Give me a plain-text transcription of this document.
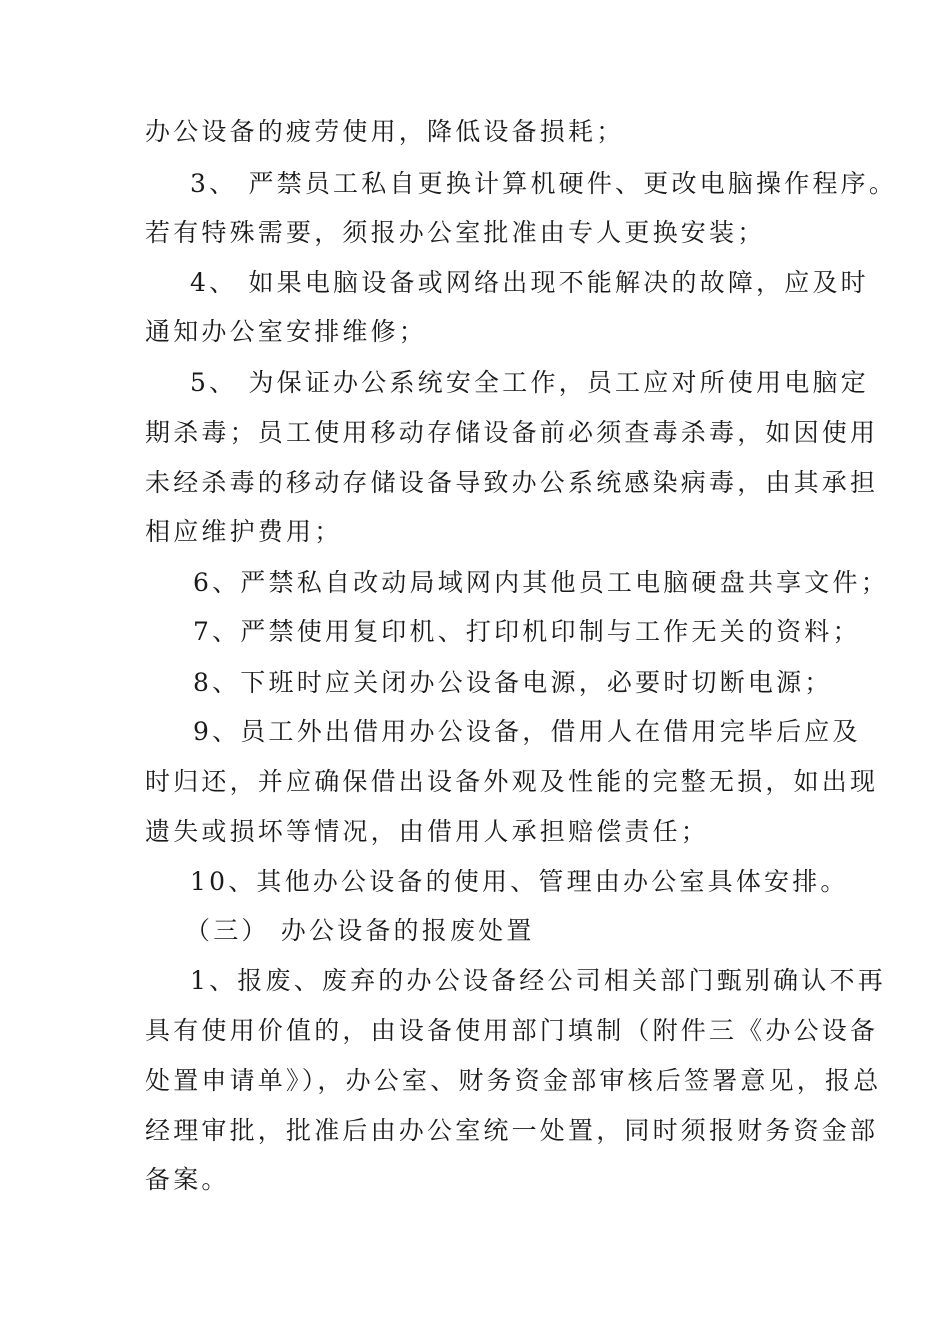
办公设备的疲劳使用，降低设备损耗；
3、 严禁员工私自更换计算机硬件、更改电脑操作程序。
若有特殊需要，须报办公室批准由专人更换安装；
4、 如果电脑设备或网络出现不能解决的故障，应及时
通知办公室安排维修；
5、 为保证办公系统安全工作，员工应对所使用电脑定
期杀毒；员工使用移动存储设备前必须查毒杀毒，如因使用
未经杀毒的移动存储设备导致办公系统感染病毒，由其承担
相应维护费用；
6、严禁私自改动局域网内其他员工电脑硬盘共享文件；
7、严禁使用复印机、打印机印制与工作无关的资料；
8、下班时应关闭办公设备电源，必要时切断电源；
9、员工外出借用办公设备，借用人在借用完毕后应及
时归还，并应确保借出设备外观及性能的完整无损，如出现
遗失或损坏等情况，由借用人承担赔偿责任；
10、其他办公设备的使用、管理由办公室具体安排。
（三） 办公设备的报废处置
1、报废、废弃的办公设备经公司相关部门甄别确认不再
具有使用价值的，由设备使用部门填制（附件三《办公设备
处置申请单》），办公室、财务资金部审核后签署意见，报总
经理审批，批准后由办公室统一处置，同时须报财务资金部
备案。
